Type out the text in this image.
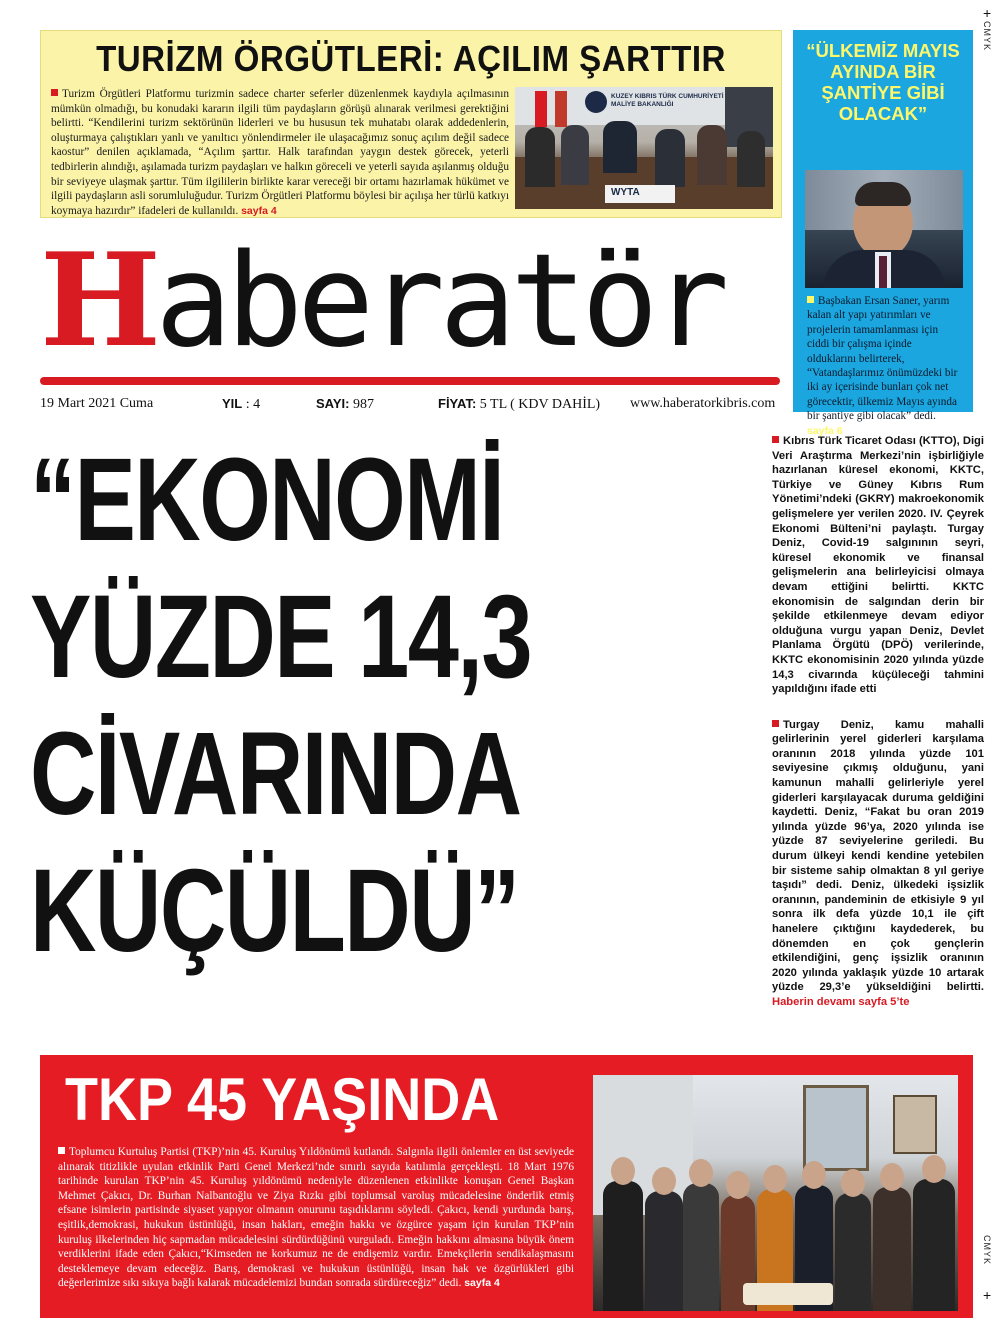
TURİZM ÖRGÜTLERİ: AÇILIM ŞARTTIR
Turizm Örgütleri Platformu turizmin sadece charter seferler düzenlenmek kaydıyla açılmasının mümkün olmadığı, bu konudaki kararın ilgili tüm paydaşların görüşü alınarak verilmesi gerektiğini belirtti. “Kendilerini turizm sektörünün liderleri ve bu hususun tek muhatabı olarak addedenlerin, oluşturmaya çalıştıkları yanlı ve yanıltıcı yönlendirmeler ile ulaşacağımız sonuç açılım değil sadece kaostur” denilen açıklamada, “Açılım şarttır. Halk tarafından yaygın destek görecek, yeterli tedbirlerin alındığı, aşılamada turizm paydaşları ve halkın göreceli ve yeterli sayıda aşılanmış olduğu bir seviyeye ulaşmak şarttır. Tüm ilgililerin birlikte karar vereceği bir ortamı hazırlamak hükümet ve ilgili paydaşların asli sorumluluğudur. Turizm Örgütleri Platformu böylesi bir açılışa her türlü katkıyı koymaya hazırdır” ifadeleri de kullanıldı. sayfa 4
KUZEY KIBRIS TÜRK CUMHURİYETİ MALİYE BAKANLIĞI
WYTA
“ÜLKEMİZ MAYIS AYINDA BİR ŞANTİYE GİBİ OLACAK”
Başbakan Ersan Saner, yarım kalan alt yapı yatırımları ve projelerin tamamlanması için ciddi bir çalışma içinde olduklarını belirterek, “Vatandaşlarımız önümüzdeki bir iki ay içerisinde bunları çok net görecektir, ülkemiz Mayıs ayında bir şantiye gibi olacak” dedi. sayfa 6
Haberatör
19 Mart 2021 Cuma	YIL : 4	SAYI: 987	FİYAT: 5 TL ( KDV DAHİL) www.haberatorkibris.com
“EKONOMİ
YÜZDE 14,3
CİVARINDA
KÜÇÜLDÜ”

Kıbrıs Türk Ticaret Odası (KTTO), Digi Veri Araştırma Merkezi’nin işbirliğiyle hazırlanan küresel ekonomi, KKTC, Türkiye ve Güney Kıbrıs Rum Yönetimi’ndeki (GKRY) makroekonomik gelişmelere yer verilen 2020. IV. Çeyrek Ekonomi Bülteni’ni paylaştı. Turgay Deniz, Covid-19 salgınının seyri, küresel ekonomik ve finansal gelişmelerin ana belirleyicisi olmaya devam ettiğini belirtti. KKTC ekonomisin de salgından derin bir şekilde etkilenmeye devam ediyor olduğuna vurgu yapan Deniz, Devlet Planlama Örgütü (DPÖ) verilerinde, KKTC ekonomisinin 2020 yılında yüzde 14,3 civarında küçüleceği tahmini yapıldığını ifade etti

Turgay Deniz, kamu mahalli gelirlerinin yerel giderleri karşılama oranının 2018 yılında yüzde 101 seviyesine çıkmış olduğunu, yani kamunun mahalli gelirleriyle yerel giderleri karşılayacak duruma geldiğini kaydetti. Deniz, “Fakat bu oran 2019 yılında yüzde 96’ya, 2020 yılında ise yüzde 87 seviyelerine geriledi. Bu durum ülkeyi kendi kendine yetebilen bir sisteme sahip olmaktan 8 yıl geriye taşıdı” dedi. Deniz, ülkedeki işsizlik oranının, pandeminin de etkisiyle 9 yıl sonra ilk defa yüzde 10,1 ile çift hanelere çıktığını kaydederek, bu dönemden en çok gençlerin etkilendiğini, genç işsizlik oranının 2020 yılında yaklaşık yüzde 10 artarak yüzde 29,3’e yükseldiğini belirtti. Haberin devamı sayfa 5’te

+
CMYK
CMYK
+
TKP 45 YAŞINDA
Toplumcu Kurtuluş Partisi (TKP)’nin 45. Kuruluş Yıldönümü kutlandı. Salgınla ilgili önlemler en üst seviyede alınarak titizlikle uyulan etkinlik Parti Genel Merkezi’nde sınırlı sayıda katılımla gerçekleşti. 18 Mart 1976 tarihinde kurulan TKP’nin 45. Kuruluş yıldönümü nedeniyle düzenlenen etkinlikte konuşan Genel Başkan Mehmet Çakıcı, Dr. Burhan Nalbantoğlu ve Ziya Rızkı gibi toplumsal varoluş mücadelesine önderlik etmiş efsane isimlerin partisinde siyaset yapıyor olmanın onurunu taşıdıklarını söyledi. Çakıcı, kendi yurdunda barış, eşitlik,demokrasi, hukukun üstünlüğü, insan hakları, emeğin hakkı ve özgürce yaşam için kurulan TKP’nin kuruluş ilkelerinden hiç sapmadan mücadelesini sürdürdüğünü vurguladı. Emeğin hakkını almasına büyük önem verdiklerini ifade eden Çakıcı,“Kimseden ne korkumuz ne de endişemiz vardır. Emekçilerin sendikalaşmasını desteklemeye devam edeceğiz. Barış, demokrasi ve hukukun üstünlüğü, insan hak ve özgürlükleri gibi değerlerimize sıkı sıkıya bağlı kalarak mücadelemizi bundan sonrada sürdüreceğiz” dedi. sayfa 4
